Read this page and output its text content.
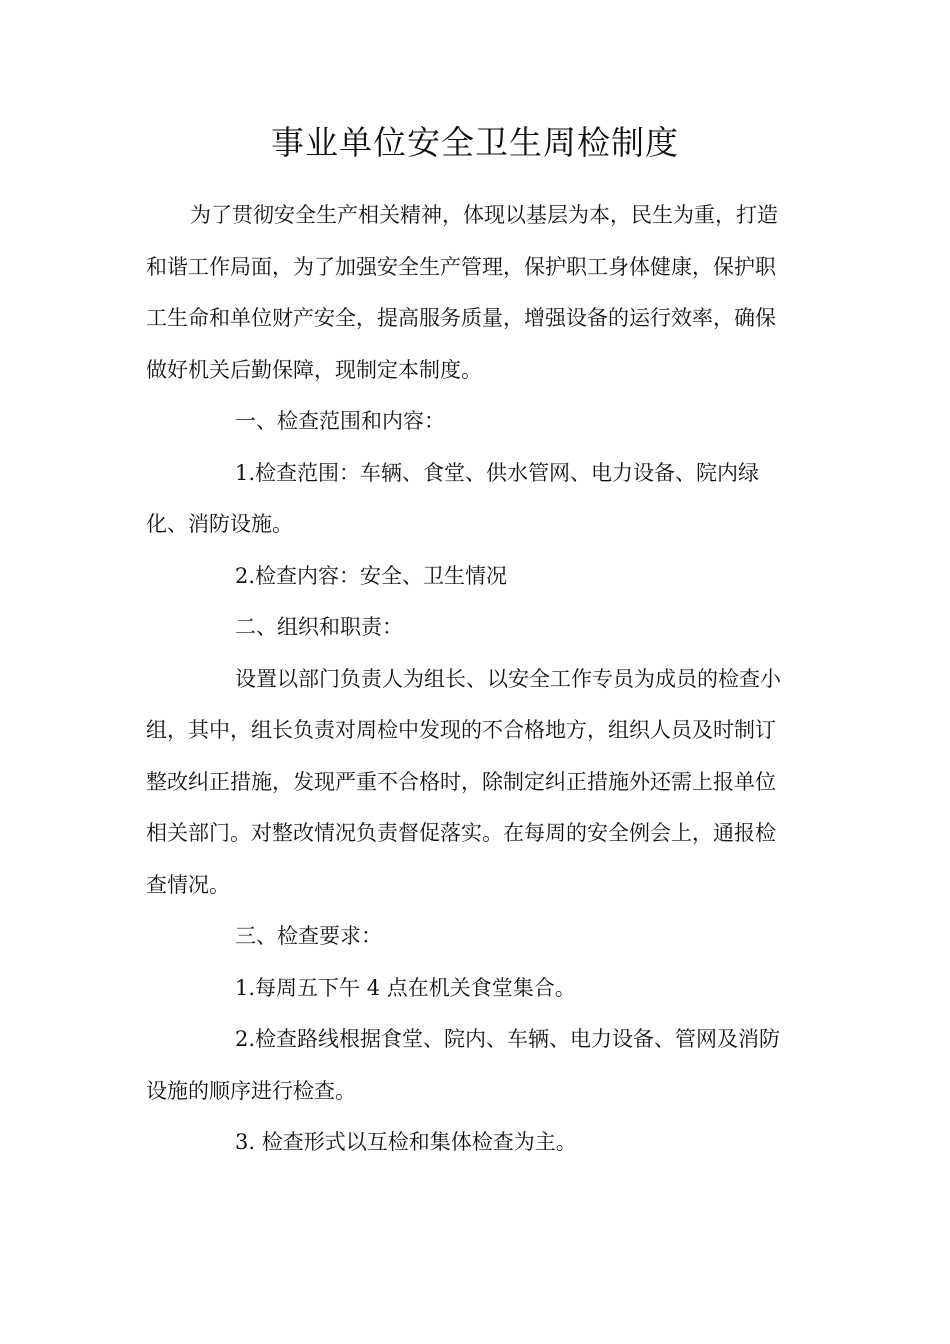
事业单位安全卫生周检制度

为了贯彻安全生产相关精神，体现以基层为本，民生为重，打造和谐工作局面，为了加强安全生产管理，保护职工身体健康，保护职工生命和单位财产安全，提高服务质量，增强设备的运行效率，确保做好机关后勤保障，现制定本制度。

一、检查范围和内容：

1.检查范围：车辆、食堂、供水管网、电力设备、院内绿化、消防设施。

2.检查内容：安全、卫生情况

二、组织和职责：

设置以部门负责人为组长、以安全工作专员为成员的检查小组，其中，组长负责对周检中发现的不合格地方，组织人员及时制订整改纠正措施，发现严重不合格时，除制定纠正措施外还需上报单位相关部门。对整改情况负责督促落实。在每周的安全例会上，通报检查情况。

三、检查要求：

1.每周五下午 4 点在机关食堂集合。

2.检查路线根据食堂、院内、车辆、电力设备、管网及消防设施的顺序进行检查。

3. 检查形式以互检和集体检查为主。
